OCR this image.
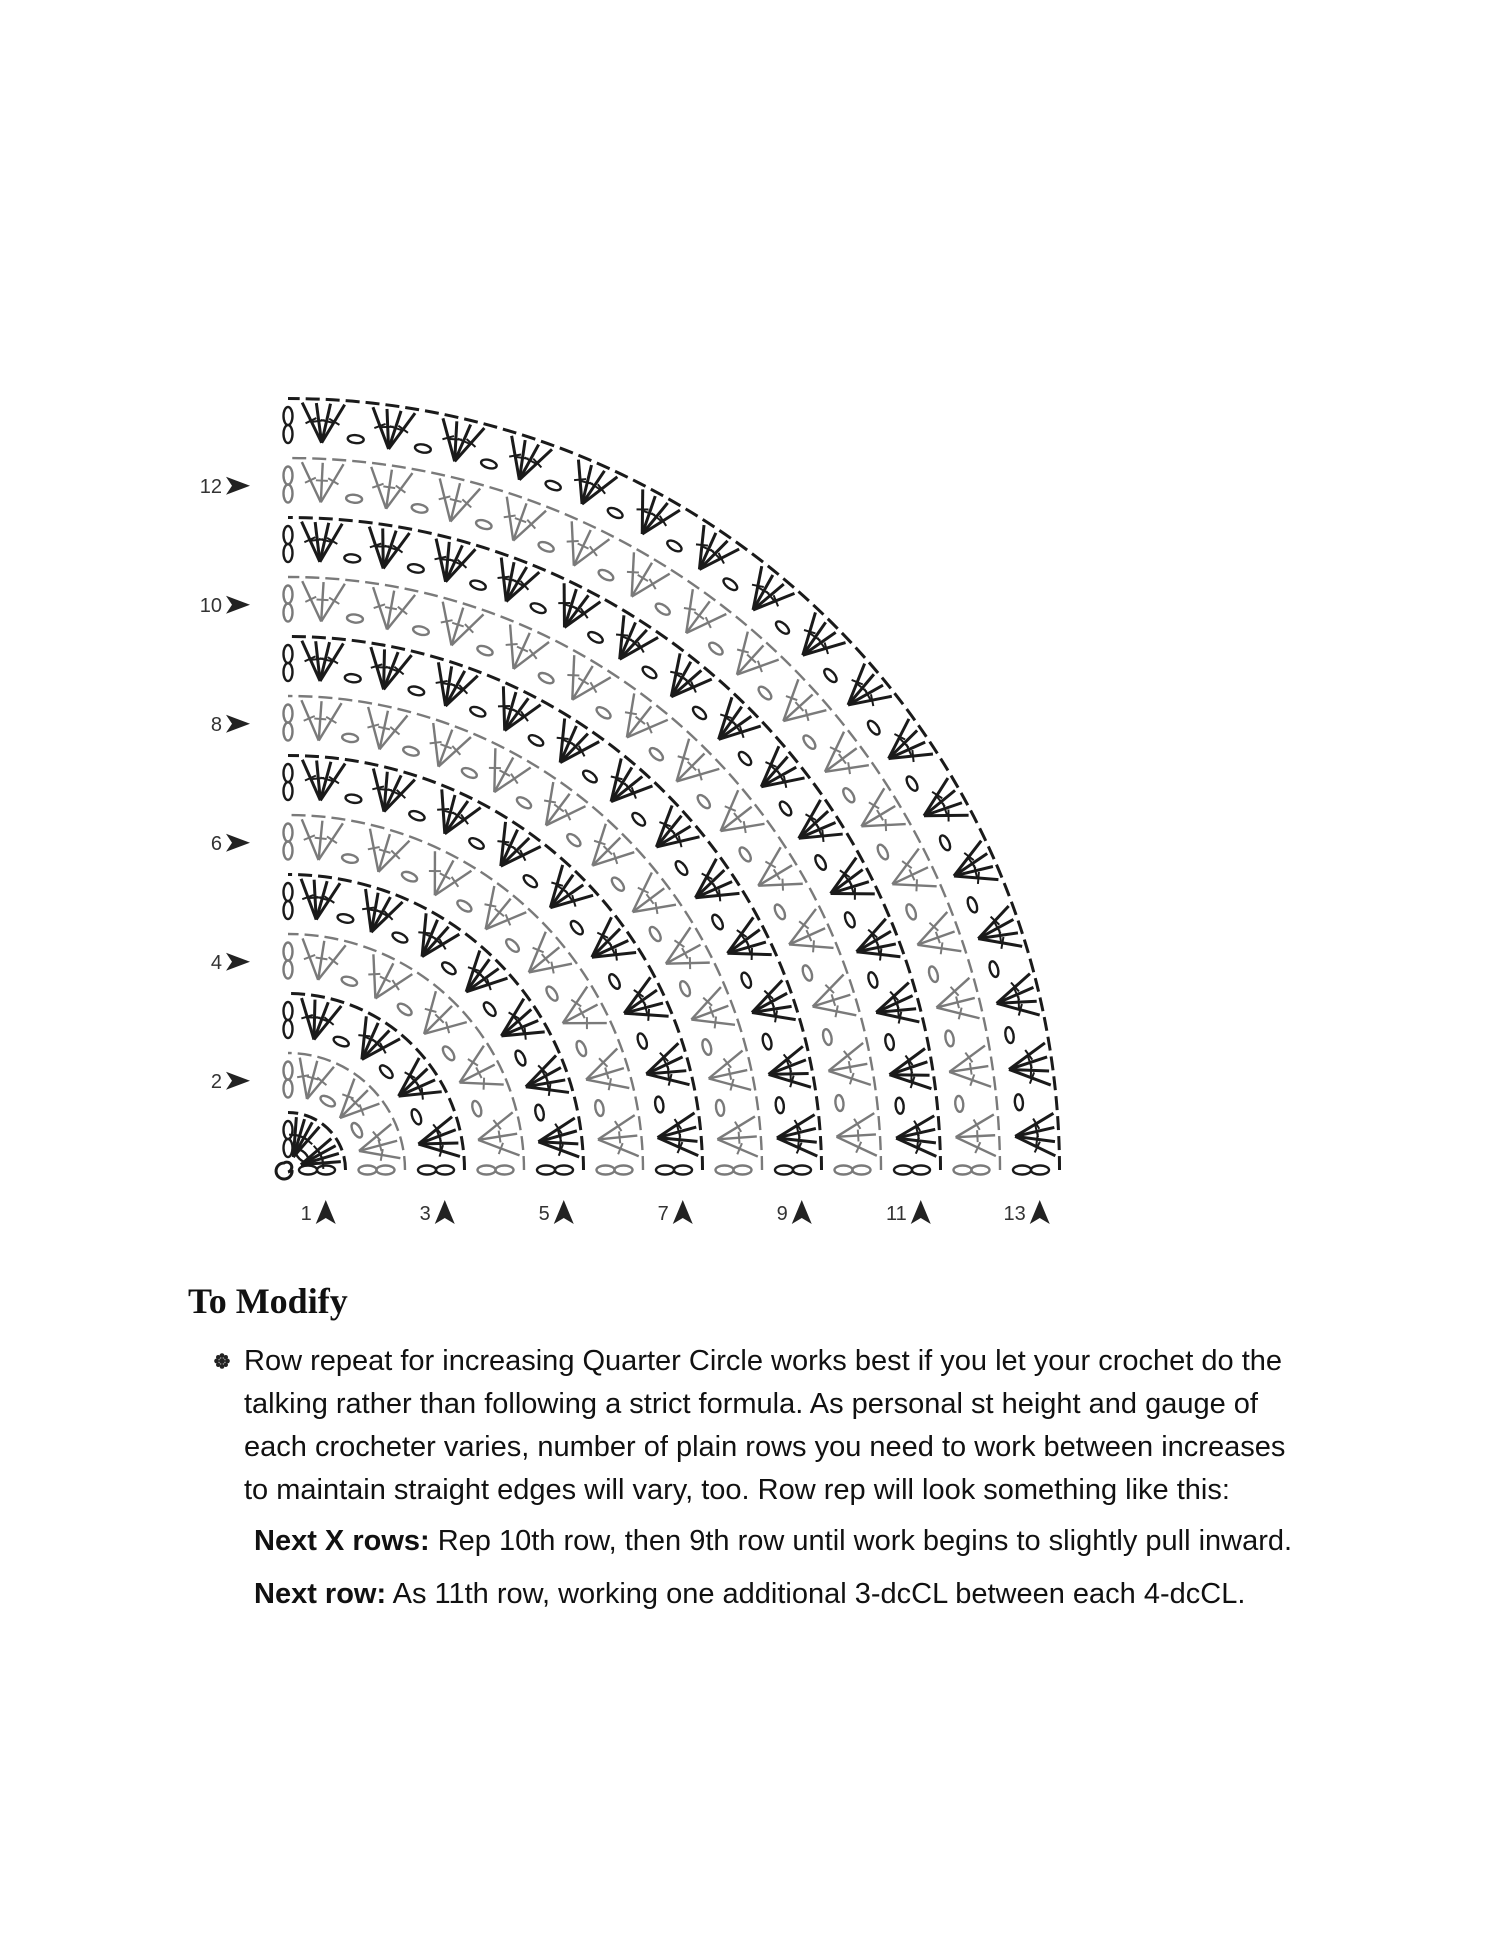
12
10
8
6
4
2
1	3	5	7	9	11	13
To Modify

Row repeat for increasing Quarter Circle works best if you let your crochet do the talking rather than following a strict formula. As personal st height and gauge of each crocheter varies, number of plain rows you need to work between increases to maintain straight edges will vary, too. Row rep will look something like this:

Next X rows: Rep 10th row, then 9th row until work begins to slightly pull inward.
Next row: As 11th row, working one additional 3-dcCL between each 4-dcCL.
